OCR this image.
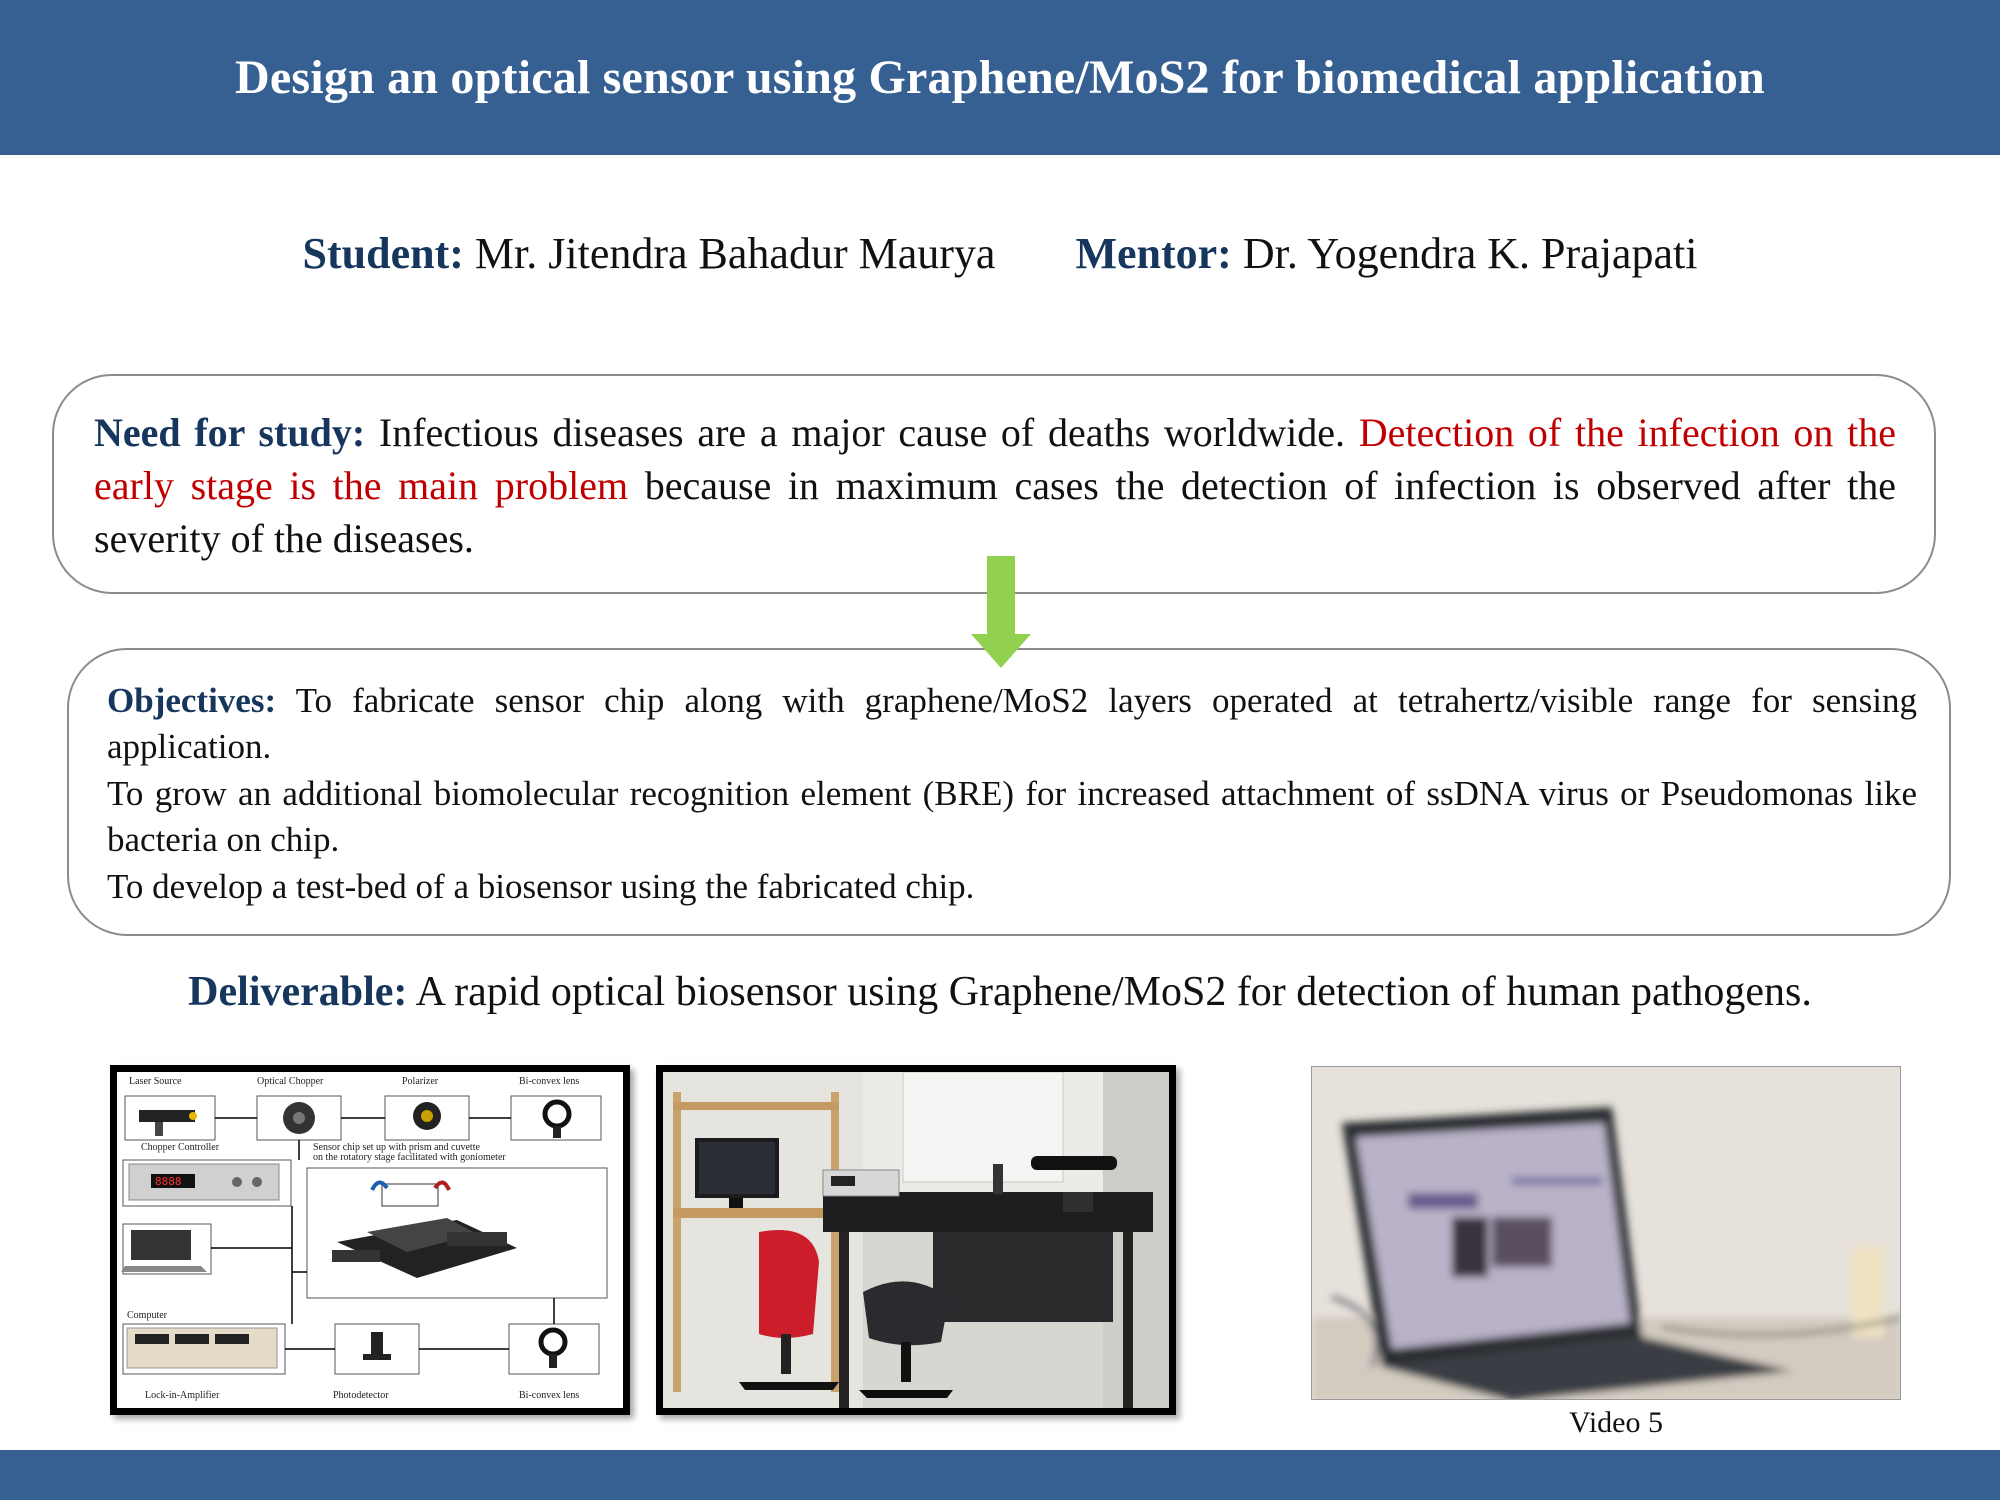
Design an optical sensor using Graphene/MoS2 for biomedical application
Student: Mr. Jitendra Bahadur Maurya Mentor: Dr. Yogendra K. Prajapati
Need for study: Infectious diseases are a major cause of deaths worldwide. Detection of the infection on the early stage is the main problem because in maximum cases the detection of infection is observed after the severity of the diseases.

Objectives: To fabricate sensor chip along with graphene/MoS2 layers operated at tetrahertz/visible range for sensing application.

To grow an additional biomolecular recognition element (BRE) for increased attachment of ssDNA virus or Pseudomonas like bacteria on chip.

To develop a test-bed of a biosensor using the fabricated chip.

Deliverable: A rapid optical biosensor using Graphene/MoS2 for detection of human pathogens.
Laser Source	Optical Chopper	Polarizer	Bi-convex lens
Chopper Controller	Sensor chip set up with prism and cuvette
on the rotatory stage facilitated with goniometer
8888
Computer
Lock-in-Amplifier	Photodetector	Bi-convex lens
Video 5
